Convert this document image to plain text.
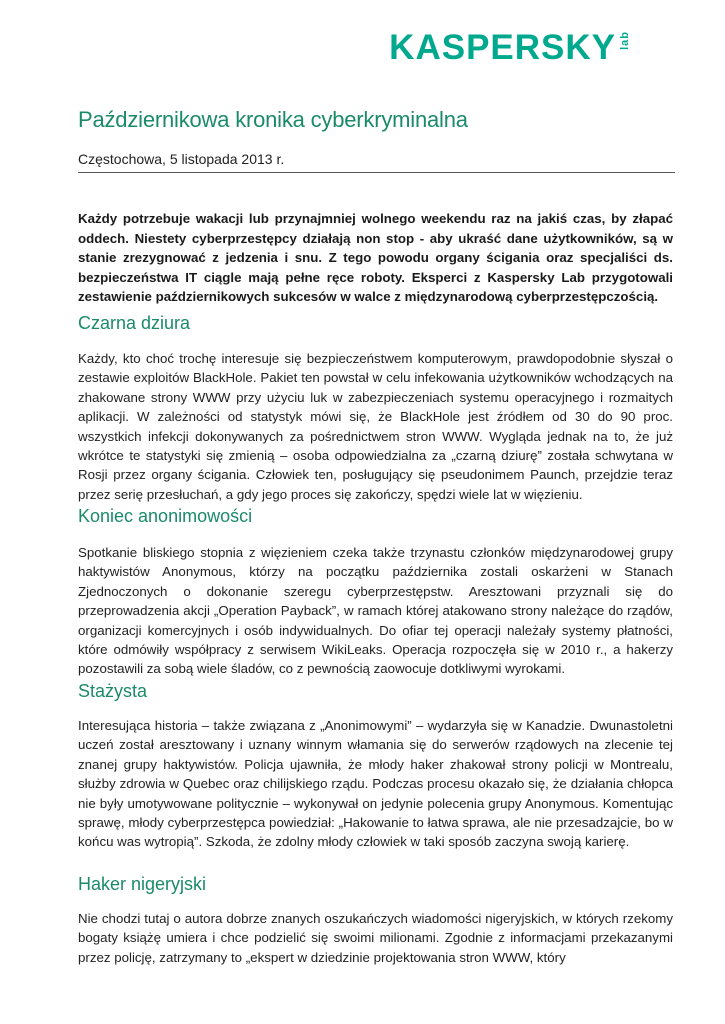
KASPERSKY lab
Październikowa kronika cyberkryminalna
Częstochowa, 5 listopada 2013 r.

Każdy potrzebuje wakacji lub przynajmniej wolnego weekendu raz na jakiś czas, by złapać oddech. Niestety cyberprzestępcy działają non stop - aby ukraść dane użytkowników, są w stanie zrezygnować z jedzenia i snu. Z tego powodu organy ścigania oraz specjaliści ds. bezpieczeństwa IT ciągle mają pełne ręce roboty. Eksperci z Kaspersky Lab przygotowali zestawienie październikowych sukcesów w walce z międzynarodową cyberprzestępczością.

Czarna dziura

Każdy, kto choć trochę interesuje się bezpieczeństwem komputerowym, prawdopodobnie słyszał o zestawie exploitów BlackHole. Pakiet ten powstał w celu infekowania użytkowników wchodzących na zhakowane strony WWW przy użyciu luk w zabezpieczeniach systemu operacyjnego i rozmaitych aplikacji. W zależności od statystyk mówi się, że BlackHole jest źródłem od 30 do 90 proc. wszystkich infekcji dokonywanych za pośrednictwem stron WWW. Wygląda jednak na to, że już wkrótce te statystyki się zmienią – osoba odpowiedzialna za „czarną dziurę” została schwytana w Rosji przez organy ścigania. Człowiek ten, posługujący się pseudonimem Paunch, przejdzie teraz przez serię przesłuchań, a gdy jego proces się zakończy, spędzi wiele lat w więzieniu.

Koniec anonimowości

Spotkanie bliskiego stopnia z więzieniem czeka także trzynastu członków międzynarodowej grupy haktywistów Anonymous, którzy na początku października zostali oskarżeni w Stanach Zjednoczonych o dokonanie szeregu cyberprzestępstw. Aresztowani przyznali się do przeprowadzenia akcji „Operation Payback”, w ramach której atakowano strony należące do rządów, organizacji komercyjnych i osób indywidualnych. Do ofiar tej operacji należały systemy płatności, które odmówiły współpracy z serwisem WikiLeaks. Operacja rozpoczęła się w 2010 r., a hakerzy pozostawili za sobą wiele śladów, co z pewnością zaowocuje dotkliwymi wyrokami.

Stażysta

Interesująca historia – także związana z „Anonimowymi” – wydarzyła się w Kanadzie. Dwunastoletni uczeń został aresztowany i uznany winnym włamania się do serwerów rządowych na zlecenie tej znanej grupy haktywistów. Policja ujawniła, że młody haker zhakował strony policji w Montrealu, służby zdrowia w Quebec oraz chilijskiego rządu. Podczas procesu okazało się, że działania chłopca nie były umotywowane politycznie – wykonywał on jedynie polecenia grupy Anonymous. Komentując sprawę, młody cyberprzestępca powiedział: „Hakowanie to łatwa sprawa, ale nie przesadzajcie, bo w końcu was wytropią”. Szkoda, że zdolny młody człowiek w taki sposób zaczyna swoją karierę.

Haker nigeryjski

Nie chodzi tutaj o autora dobrze znanych oszukańczych wiadomości nigeryjskich, w których rzekomy bogaty książę umiera i chce podzielić się swoimi milionami. Zgodnie z informacjami przekazanymi przez policję, zatrzymany to „ekspert w dziedzinie projektowania stron WWW, który
